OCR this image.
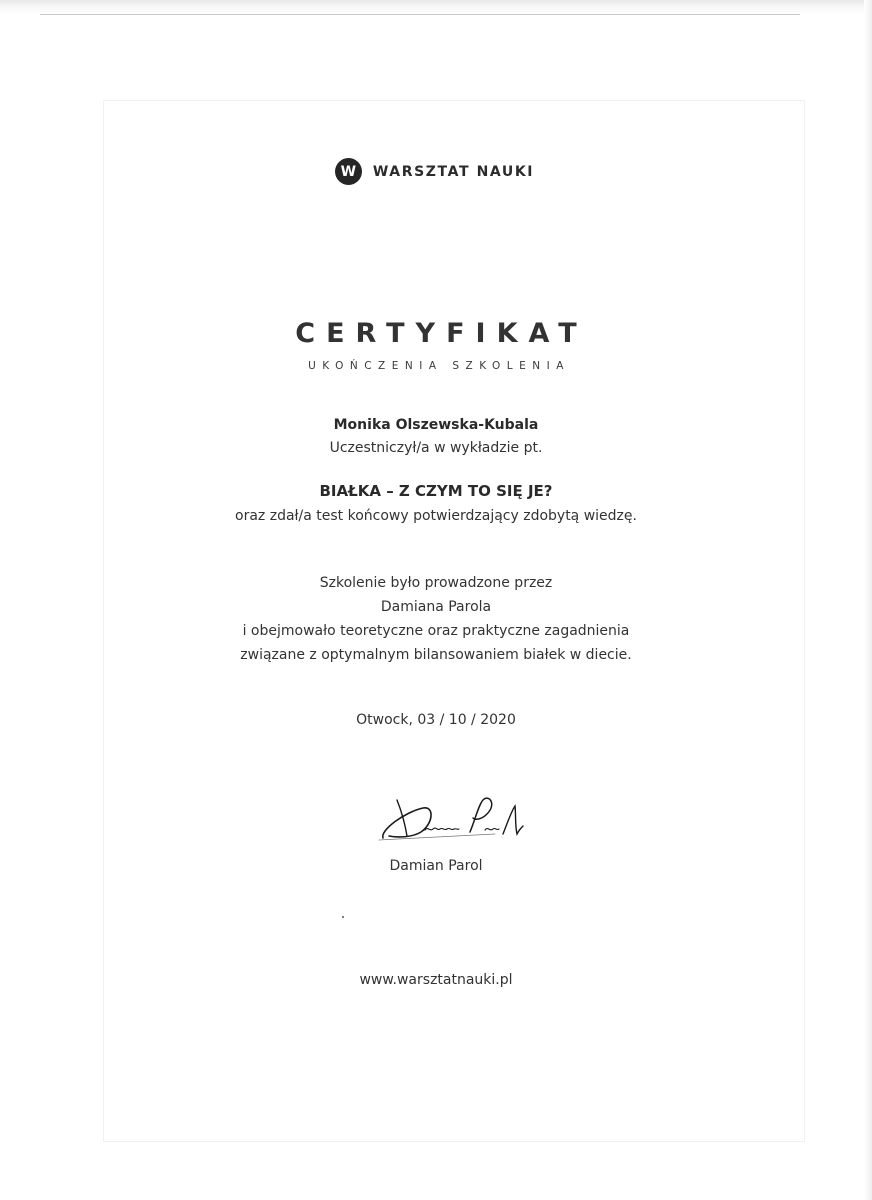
W	WARSZTAT NAUKI
CERTYFIKAT
UKOŃCZENIA SZKOLENIA
Monika Olszewska-Kubala
Uczestniczył/a w wykładzie pt.
BIAŁKA – Z CZYM TO SIĘ JE?
oraz zdał/a test końcowy potwierdzający zdobytą wiedzę.
Szkolenie było prowadzone przez
Damiana Parola
i obejmowało teoretyczne oraz praktyczne zagadnienia
związane z optymalnym bilansowaniem białek w diecie.
Otwock, 03 / 10 / 2020
Damian Parol
www.warsztatnauki.pl
